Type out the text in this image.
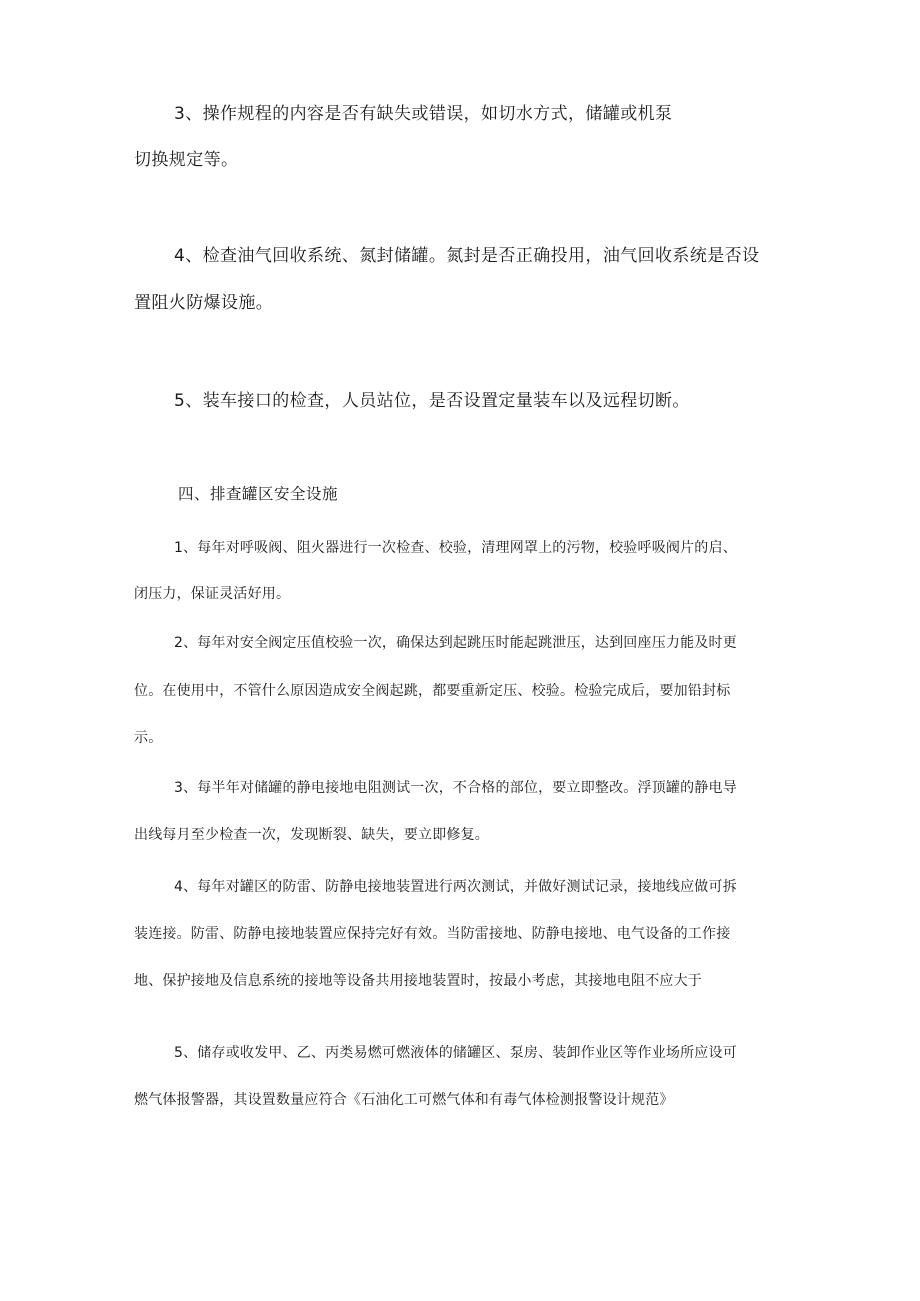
3、操作规程的内容是否有缺失或错误，如切水方式，储罐或机泵

切换规定等。

4、检查油气回收系统、氮封储罐。氮封是否正确投用，油气回收系统是否设

置阻火防爆设施。

5、装车接口的检查，人员站位，是否设置定量装车以及远程切断。

四、排查罐区安全设施

1、每年对呼吸阀、阻火器进行一次检查、校验，清理网罩上的污物，校验呼吸阀片的启、

闭压力，保证灵活好用。

2、每年对安全阀定压值校验一次，确保达到起跳压时能起跳泄压，达到回座压力能及时更

位。在使用中，不管什么原因造成安全阀起跳，都要重新定压、校验。检验完成后，要加铅封标

示。

3、每半年对储罐的静电接地电阻测试一次，不合格的部位，要立即整改。浮顶罐的静电导

出线每月至少检查一次，发现断裂、缺失，要立即修复。

4、每年对罐区的防雷、防静电接地装置进行两次测试，并做好测试记录，接地线应做可拆

装连接。防雷、防静电接地装置应保持完好有效。当防雷接地、防静电接地、电气设备的工作接

地、保护接地及信息系统的接地等设备共用接地装置时，按最小考虑，其接地电阻不应大于

5、储存或收发甲、乙、丙类易燃可燃液体的储罐区、泵房、装卸作业区等作业场所应设可

燃气体报警器，其设置数量应符合《石油化工可燃气体和有毒气体检测报警设计规范》
